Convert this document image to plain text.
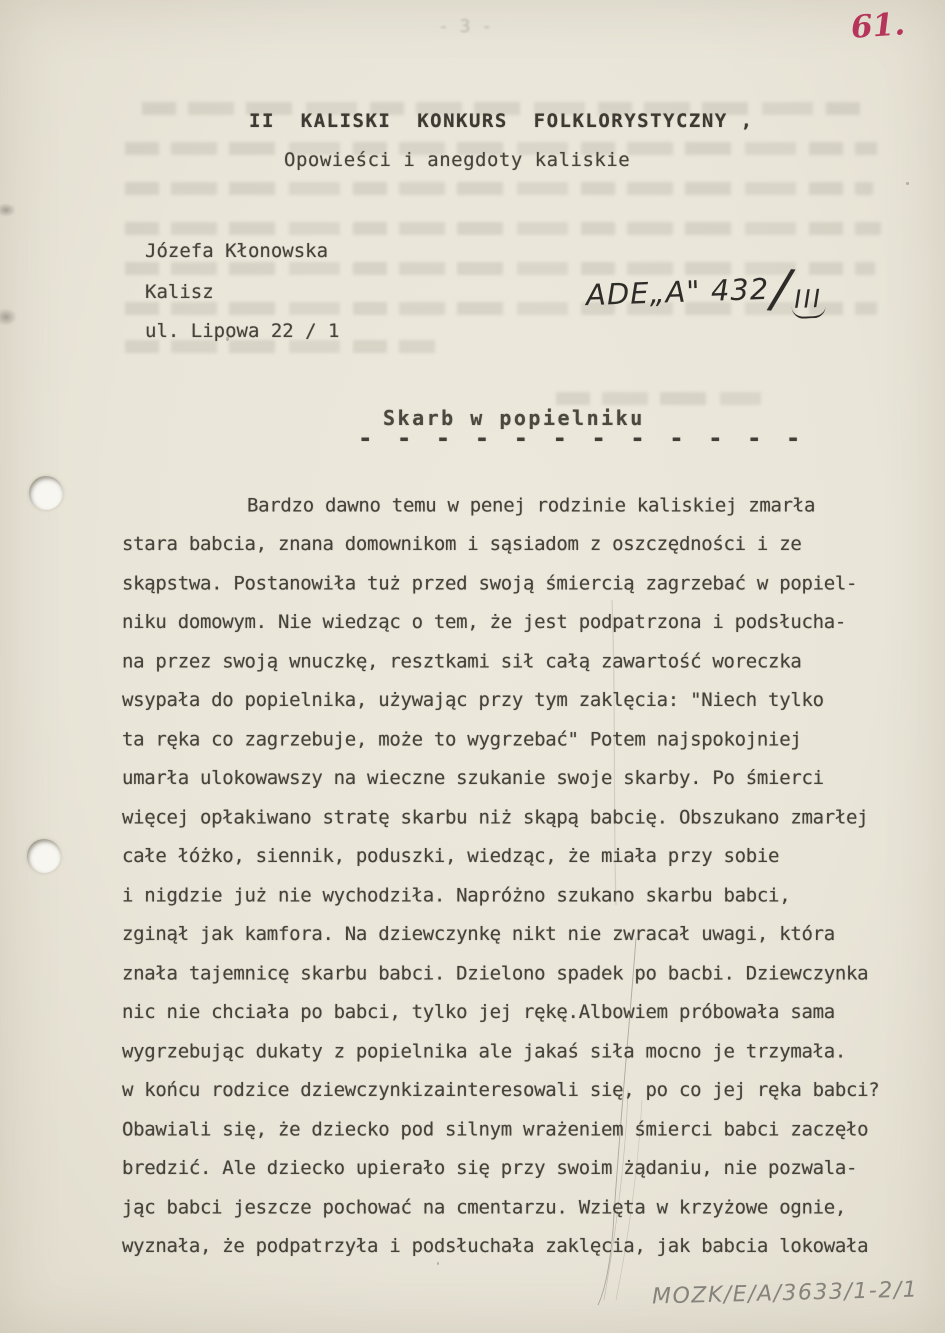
- 3 -	61.
II  KALISKI  KONKURS  FOLKLORYSTYCZNY ,
Opowieści i anegdoty kaliskie
Józefa Kłonowska
Kalisz
ul. Lipowa 22 / 1
ADE„A" 432 / III
Skarb w popielniku
- - - - - - - - - - - -
Bardzo dawno temu w penej rodzinie kaliskiej zmarła
stara babcia, znana domownikom i sąsiadom z oszczędności i ze
skąpstwa. Postanowiła tuż przed swoją śmiercią zagrzebać w popiel-
niku domowym. Nie wiedząc o tem, że jest podpatrzona i podsłucha-
na przez swoją wnuczkę, resztkami sił całą zawartość woreczka
wsypała do popielnika, używając przy tym zaklęcia: "Niech tylko
ta ręka co zagrzebuje, może to wygrzebać" Potem najspokojniej
umarła ulokowawszy na wieczne szukanie swoje skarby. Po śmierci
więcej opłakiwano stratę skarbu niż skąpą babcię. Obszukano zmarłej
całe łóżko, siennik, poduszki, wiedząc, że miała przy sobie
i nigdzie już nie wychodziła. Napróżno szukano skarbu babci,
zginął jak kamfora. Na dziewczynkę nikt nie zwracał uwagi, która
znała tajemnicę skarbu babci. Dzielono spadek po bacbi. Dziewczynka
nic nie chciała po babci, tylko jej rękę.Albowiem próbowała sama
wygrzebując dukaty z popielnika ale jakaś siła mocno je trzymała.
w końcu rodzice dziewczynkizainteresowali się, po co jej ręka babci?
Obawiali się, że dziecko pod silnym wrażeniem śmierci babci zaczęło
bredzić. Ale dziecko upierało się przy swoim żądaniu, nie pozwala-
jąc babci jeszcze pochować na cmentarzu. Wzięta w krzyżowe ognie,
wyznała, że podpatrzyła i podsłuchała zaklęcia, jak babcia lokowała
MOZK/E/A/3633/1-2/1
